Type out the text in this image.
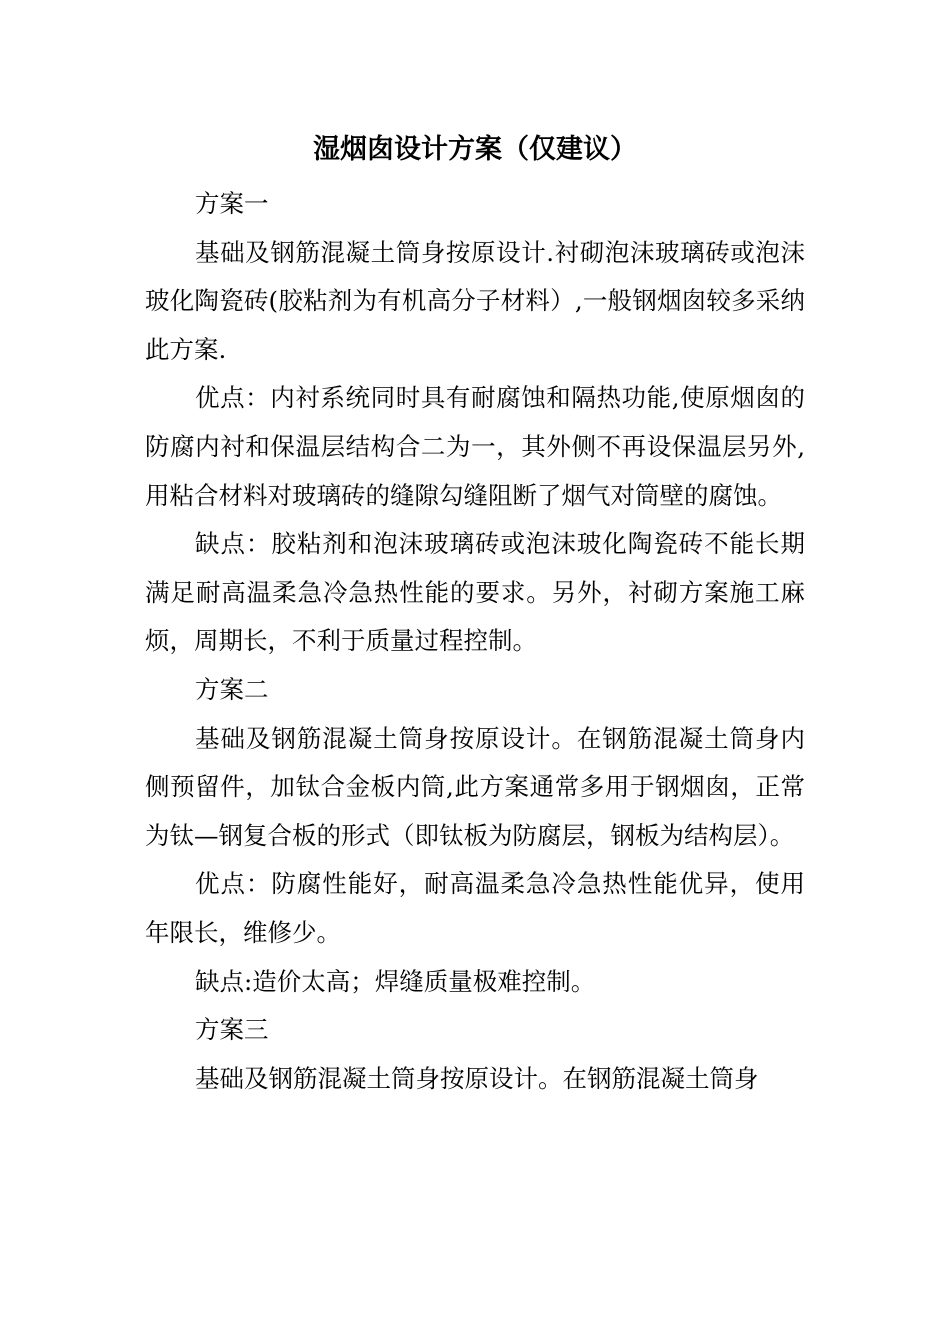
湿烟囱设计方案（仅建议）

方案一

基础及钢筋混凝土筒身按原设计.衬砌泡沫玻璃砖或泡沫玻化陶瓷砖(胶粘剂为有机高分子材料）,一般钢烟囱较多采纳此方案.

优点：内衬系统同时具有耐腐蚀和隔热功能,使原烟囱的防腐内衬和保温层结构合二为一，其外侧不再设保温层另外,用粘合材料对玻璃砖的缝隙勾缝阻断了烟气对筒壁的腐蚀。

缺点：胶粘剂和泡沫玻璃砖或泡沫玻化陶瓷砖不能长期满足耐高温柔急冷急热性能的要求。另外，衬砌方案施工麻烦，周期长，不利于质量过程控制。

方案二

基础及钢筋混凝土筒身按原设计。在钢筋混凝土筒身内侧预留件，加钛合金板内筒,此方案通常多用于钢烟囱，正常为钛—钢复合板的形式（即钛板为防腐层，钢板为结构层）。

优点：防腐性能好，耐高温柔急冷急热性能优异，使用年限长，维修少。

缺点:造价太高；焊缝质量极难控制。

方案三

基础及钢筋混凝土筒身按原设计。在钢筋混凝土筒身
